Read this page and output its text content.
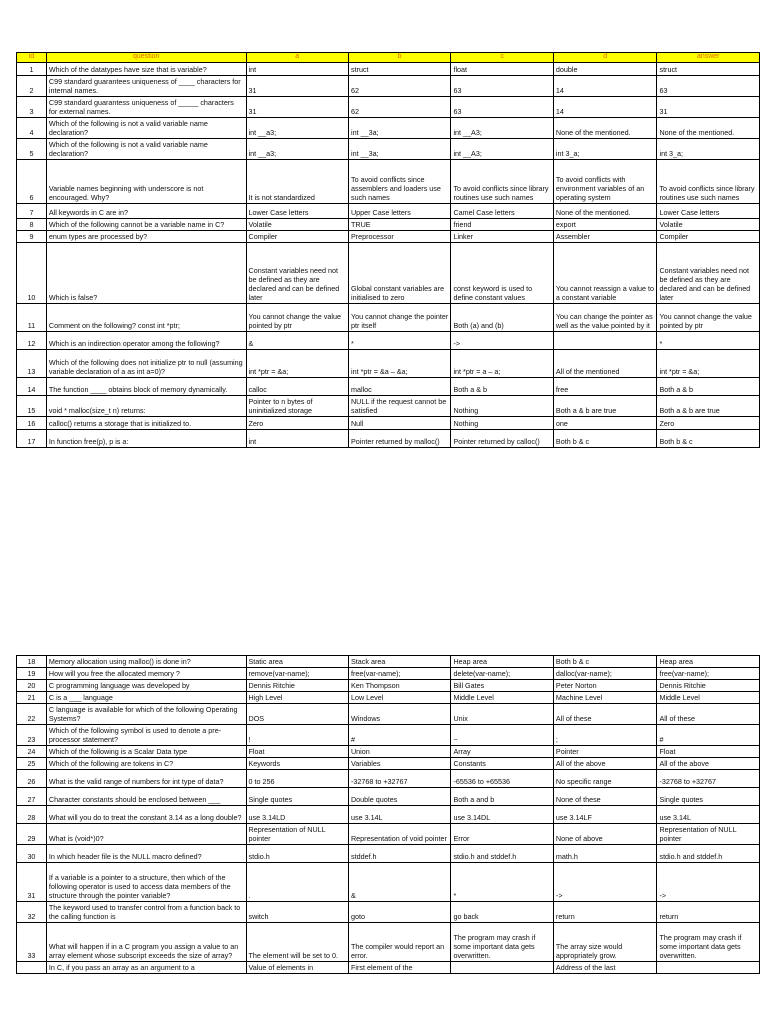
id	question	a	b	c	d	answer
1	Which of the datatypes have size that is variable?	int	struct	float	double	struct
2	C99 standard guarantees uniqueness of ____ characters for internal names.	31	62	63	14	63
3	C99 standard guarantess uniqueness of _____ characters for external names.	31	62	63	14	31
4	Which of the following is not a valid variable name declaration?	int __a3;	int __3a;	int __A3;	None of the mentioned.	None of the mentioned.
5	Which of the following is not a valid variable name declaration?	int __a3;	int __3a;	int __A3;	int 3_a;	int 3_a;
6	Variable names beginning with underscore is not encouraged. Why?	It is not standardized	To avoid conflicts since assemblers and loaders use such names	To avoid conflicts since library routines use such names	To avoid conflicts with environment variables of an operating system	To avoid conflicts since library routines use such names
7	All keywords in C are in?	Lower Case letters	Upper Case letters	Camel Case letters	None of the mentioned.	Lower Case letters
8	Which of the following cannot be a variable name in C?	Volatile	TRUE	friend	export	Volatile
9	enum types are processed by?	Compiler	Preprocessor	Linker	Assembler	Compiler
10	Which is false?	Constant variables need not be defined as they are declared and can be defined later	Global constant variables are initialised to zero	const keyword is used to define constant values	You cannot reassign a value to a constant variable	Constant variables need not be defined as they are declared and can be defined later
11	Comment on the following? const int *ptr;	You cannot change the value pointed by ptr	You cannot change the pointer ptr itself	Both (a) and (b)	You can change the pointer as well as the value pointed by it	You cannot change the value pointed by ptr
12	Which is an indirection operator among the following?	&	*	->		*
13	Which of the following does not initialize ptr to null (assuming variable declaration of a as int a=0)?	int *ptr = &a;	int *ptr = &a – &a;	int *ptr = a – a;	All of the mentioned	int *ptr = &a;
14	The function ____ obtains block of memory dynamically.	calloc	malloc	Both a & b	free	Both a & b
15	void * malloc(size_t n) returns:	Pointer to n bytes of uninitialized storage	NULL if the request cannot be satisfied	Nothing	Both a & b are true	Both a & b are true
16	calloc() returns a storage that is initialized to.	Zero	Null	Nothing	one	Zero
17	In function free(p), p is a:	int	Pointer returned by malloc()	Pointer returned by calloc()	Both b & c	Both b & c
18	Memory allocation using malloc() is done in?	Static area	Stack area	Heap area	Both b & c	Heap area
19	How will you free the allocated memory ?	remove(var-name);	free(var-name);	delete(var-name);	dalloc(var-name);	free(var-name);
20	C programming language was developed by	Dennis Ritchie	Ken Thompson	Bill Gates	Peter Norton	Dennis Ritchie
21	C is a ___ language	High Level	Low Level	Middle Level	Machine Level	Middle Level
22	C language is available for which of the following Operating Systems?	DOS	Windows	Unix	All of these	All of these
23	Which of the following symbol is used to denote a pre-processor statement?	!	#	~	;	#
24	Which of the following is a Scalar Data type	Float	Union	Array	Pointer	Float
25	Which of the following are tokens in C?	Keywords	Variables	Constants	All of the above	All of the above
26	What is the valid range of numbers for int type of data?	0 to 256	-32768 to +32767	-65536 to +65536	No specific range	-32768 to +32767
27	Character constants should be enclosed between ___	Single quotes	Double quotes	Both a and b	None of these	Single quotes
28	What will you do to treat the constant 3.14 as a long double?	use 3.14LD	use 3.14L	use 3.14DL	use 3.14LF	use 3.14L
29	What is (void*)0?	Representation of NULL pointer	Representation of void pointer	Error	None of above	Representation of NULL pointer
30	In which header file is the NULL macro defined?	stdio.h	stddef.h	stdio.h and stddef.h	math.h	stdio.h and stddef.h
31	If a variable is a pointer to a structure, then which of the following operator is used to access data members of the structure through the pointer variable?	.	&	*	->	->
32	The keyword used to transfer control from a function back to the calling function is	switch	goto	go back	return	return
33	What will happen if in a C program you assign a value to an array element whose subscript exceeds the size of array?	The element will be set to 0.	The compiler would report an error.	The program may crash if some important data gets overwritten.	The array size would appropriately grow.	The program may crash if some important data gets overwritten.
	In C, if you pass an array as an argument to a	Value of elements in	First element of the		Address of the last	
